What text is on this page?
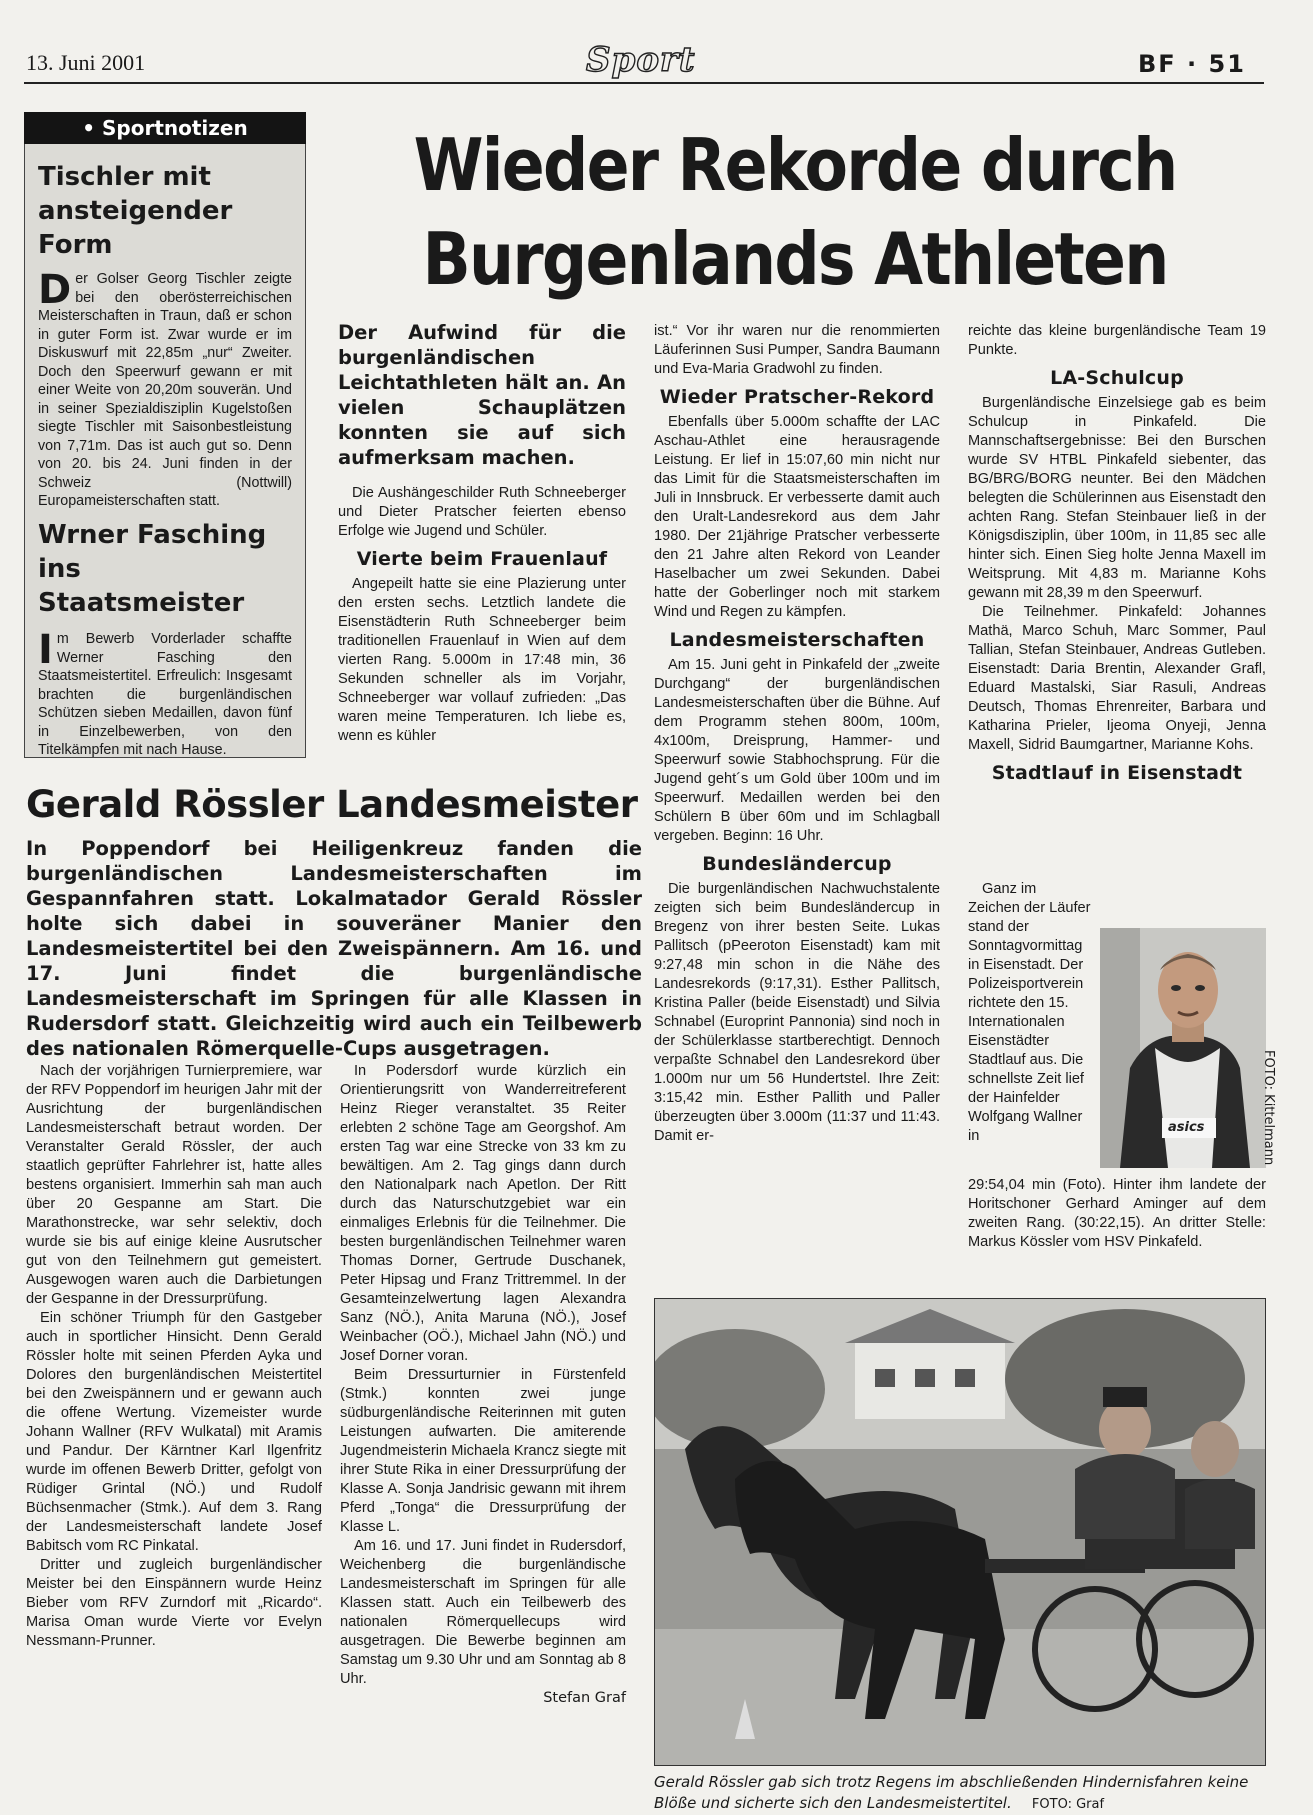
13. Juni 2001	Sport	BF · 51
• Sportnotizen
Tischler mit ansteigender Form
Der Golser Georg Tischler zeigte bei den oberösterreichischen Meisterschaften in Traun, daß er schon in guter Form ist. Zwar wurde er im Diskuswurf mit 22,85m „nur“ Zweiter. Doch den Speerwurf gewann er mit einer Weite von 20,20m souverän. Und in seiner Spezialdisziplin Kugelstoßen siegte Tischler mit Saisonbestleistung von 7,71m. Das ist auch gut so. Denn von 20. bis 24. Juni finden in der Schweiz (Nottwill) Europameisterschaften statt.
Wrner Fasching ins Staatsmeister
Im Bewerb Vorderlader schaffte Werner Fasching den Staatsmeistertitel. Erfreulich: Insgesamt brachten die burgenländischen Schützen sieben Medaillen, davon fünf in Einzelbewerben, von den Titelkämpfen mit nach Hause.
Wieder Rekorde durch
Burgenlands Athleten

Der Aufwind für die burgenländischen Leichtathleten hält an. An vielen Schauplätzen konnten sie auf sich aufmerksam machen.

Die Aushängeschilder Ruth Schneeberger und Dieter Pratscher feierten ebenso Erfolge wie Jugend und Schüler.

Vierte beim Frauenlauf

Angepeilt hatte sie eine Plazierung unter den ersten sechs. Letztlich landete die Eisenstädterin Ruth Schneeberger beim traditionellen Frauenlauf in Wien auf dem vierten Rang. 5.000m in 17:48 min, 36 Sekunden schneller als im Vorjahr, Schneeberger war vollauf zufrieden: „Das waren meine Temperaturen. Ich liebe es, wenn es kühler

ist.“ Vor ihr waren nur die renommierten Läuferinnen Susi Pumper, Sandra Baumann und Eva-Maria Gradwohl zu finden.

Wieder Pratscher-Rekord

Ebenfalls über 5.000m schaffte der LAC Aschau-Athlet eine herausragende Leistung. Er lief in 15:07,60 min nicht nur das Limit für die Staatsmeisterschaften im Juli in Innsbruck. Er verbesserte damit auch den Uralt-Landesrekord aus dem Jahr 1980. Der 21jährige Pratscher verbesserte den 21 Jahre alten Rekord von Leander Haselbacher um zwei Sekunden. Dabei hatte der Goberlinger noch mit starkem Wind und Regen zu kämpfen.

Landesmeisterschaften

Am 15. Juni geht in Pinkafeld der „zweite Durchgang“ der burgenländischen Landesmeisterschaften über die Bühne. Auf dem Programm stehen 800m, 100m, 4x100m, Dreisprung, Hammer- und Speerwurf sowie Stabhochsprung. Für die Jugend geht´s um Gold über 100m und im Speerwurf. Medaillen werden bei den Schülern B über 60m und im Schlagball vergeben. Beginn: 16 Uhr.

Bundesländercup

Die burgenländischen Nachwuchstalente zeigten sich beim Bundesländercup in Bregenz von ihrer besten Seite. Lukas Pallitsch (pPeeroton Eisenstadt) kam mit 9:27,48 min schon in die Nähe des Landesrekords (9:17,31). Esther Pallitsch, Kristina Paller (beide Eisenstadt) und Silvia Schnabel (Europrint Pannonia) sind noch in der Schülerklasse startberechtigt. Dennoch verpaßte Schnabel den Landesrekord über 1.000m nur um 56 Hundertstel. Ihre Zeit: 3:15,42 min. Esther Pallith und Paller überzeugten über 3.000m (11:37 und 11:43. Damit er-

reichte das kleine burgenländische Team 19 Punkte.

LA-Schulcup

Burgenländische Einzelsiege gab es beim Schulcup in Pinkafeld. Die Mannschaftsergebnisse: Bei den Burschen wurde SV HTBL Pinkafeld siebenter, das BG/BRG/BORG neunter. Bei den Mädchen belegten die Schülerinnen aus Eisenstadt den achten Rang. Stefan Steinbauer ließ in der Königsdisziplin, über 100m, in 11,85 sec alle hinter sich. Einen Sieg holte Jenna Maxell im Weitsprung. Mit 4,83 m. Marianne Kohs gewann mit 28,39 m den Speerwurf.

Die Teilnehmer. Pinkafeld: Johannes Mathä, Marco Schuh, Marc Sommer, Paul Tallian, Stefan Steinbauer, Andreas Gutleben. Eisenstadt: Daria Brentin, Alexander Grafl, Eduard Mastalski, Siar Rasuli, Andreas Deutsch, Thomas Ehrenreiter, Barbara und Katharina Prieler, Ijeoma Onyeji, Jenna Maxell, Sidrid Baumgartner, Marianne Kohs.

Stadtlauf in Eisenstadt

Ganz im Zeichen der Läufer stand der Sonntagvormittag in Eisenstadt. Der Polizeisportverein richtete den 15. Internationalen Eisenstädter Stadtlauf aus. Die schnellste Zeit lief der Hainfelder Wolfgang Wallner in

29:54,04 min (Foto). Hinter ihm landete der Horitschoner Gerhard Aminger auf dem zweiten Rang. (30:22,15). An dritter Stelle: Markus Kössler vom HSV Pinkafeld.

asics	FOTO: Kittelmann
Gerald Rössler Landesmeister
In Poppendorf bei Heiligenkreuz fanden die burgenländischen Landesmeisterschaften im Gespannfahren statt. Lokalmatador Gerald Rössler holte sich dabei in souveräner Manier den Landesmeistertitel bei den Zweispännern. Am 16. und 17. Juni findet die burgenländische Landesmeisterschaft im Springen für alle Klassen in Rudersdorf statt. Gleichzeitig wird auch ein Teilbewerb des nationalen Römerquelle-Cups ausgetragen.

Nach der vorjährigen Turnierpremiere, war der RFV Poppendorf im heurigen Jahr mit der Ausrichtung der burgenländischen Landesmeisterschaft betraut worden. Der Veranstalter Gerald Rössler, der auch staatlich geprüfter Fahrlehrer ist, hatte alles bestens organisiert. Immerhin sah man auch über 20 Gespanne am Start. Die Marathonstrecke, war sehr selektiv, doch wurde sie bis auf einige kleine Ausrutscher gut von den Teilnehmern gut gemeistert. Ausgewogen waren auch die Darbietungen der Gespanne in der Dressurprüfung.

Ein schöner Triumph für den Gastgeber auch in sportlicher Hinsicht. Denn Gerald Rössler holte mit seinen Pferden Ayka und Dolores den burgenländischen Meistertitel bei den Zweispännern und er gewann auch die offene Wertung. Vizemeister wurde Johann Wallner (RFV Wulkatal) mit Aramis und Pandur. Der Kärntner Karl Ilgenfritz wurde im offenen Bewerb Dritter, gefolgt von Rüdiger Grintal (NÖ.) und Rudolf Büchsenmacher (Stmk.). Auf dem 3. Rang der Landesmeisterschaft landete Josef Babitsch vom RC Pinkatal.

Dritter und zugleich burgenländischer Meister bei den Einspännern wurde Heinz Bieber vom RFV Zurndorf mit „Ricardo“. Marisa Oman wurde Vierte vor Evelyn Nessmann-Prunner.

In Podersdorf wurde kürzlich ein Orientierungsritt von Wanderreitreferent Heinz Rieger veranstaltet. 35 Reiter erlebten 2 schöne Tage am Georgshof. Am ersten Tag war eine Strecke von 33 km zu bewältigen. Am 2. Tag gings dann durch den Nationalpark nach Apetlon. Der Ritt durch das Naturschutzgebiet war ein einmaliges Erlebnis für die Teilnehmer. Die besten burgenländischen Teilnehmer waren Thomas Dorner, Gertrude Duschanek, Peter Hipsag und Franz Trittremmel. In der Gesamteinzelwertung lagen Alexandra Sanz (NÖ.), Anita Maruna (NÖ.), Josef Weinbacher (OÖ.), Michael Jahn (NÖ.) und Josef Dorner voran.

Beim Dressurturnier in Fürstenfeld (Stmk.) konnten zwei junge südburgenländische Reiterinnen mit guten Leistungen aufwarten. Die amiterende Jugendmeisterin Michaela Krancz siegte mit ihrer Stute Rika in einer Dressurprüfung der Klasse A. Sonja Jandrisic gewann mit ihrem Pferd „Tonga“ die Dressurprüfung der Klasse L.

Am 16. und 17. Juni findet in Rudersdorf, Weichenberg die burgenländische Landesmeisterschaft im Springen für alle Klassen statt. Auch ein Teilbewerb des nationalen Römerquellecups wird ausgetragen. Die Bewerbe beginnen am Samstag um 9.30 Uhr und am Sonntag ab 8 Uhr.

Stefan Graf
Gerald Rössler gab sich trotz Regens im abschließenden Hindernisfahren keine Blöße und sicherte sich den Landesmeistertitel. FOTO: Graf
